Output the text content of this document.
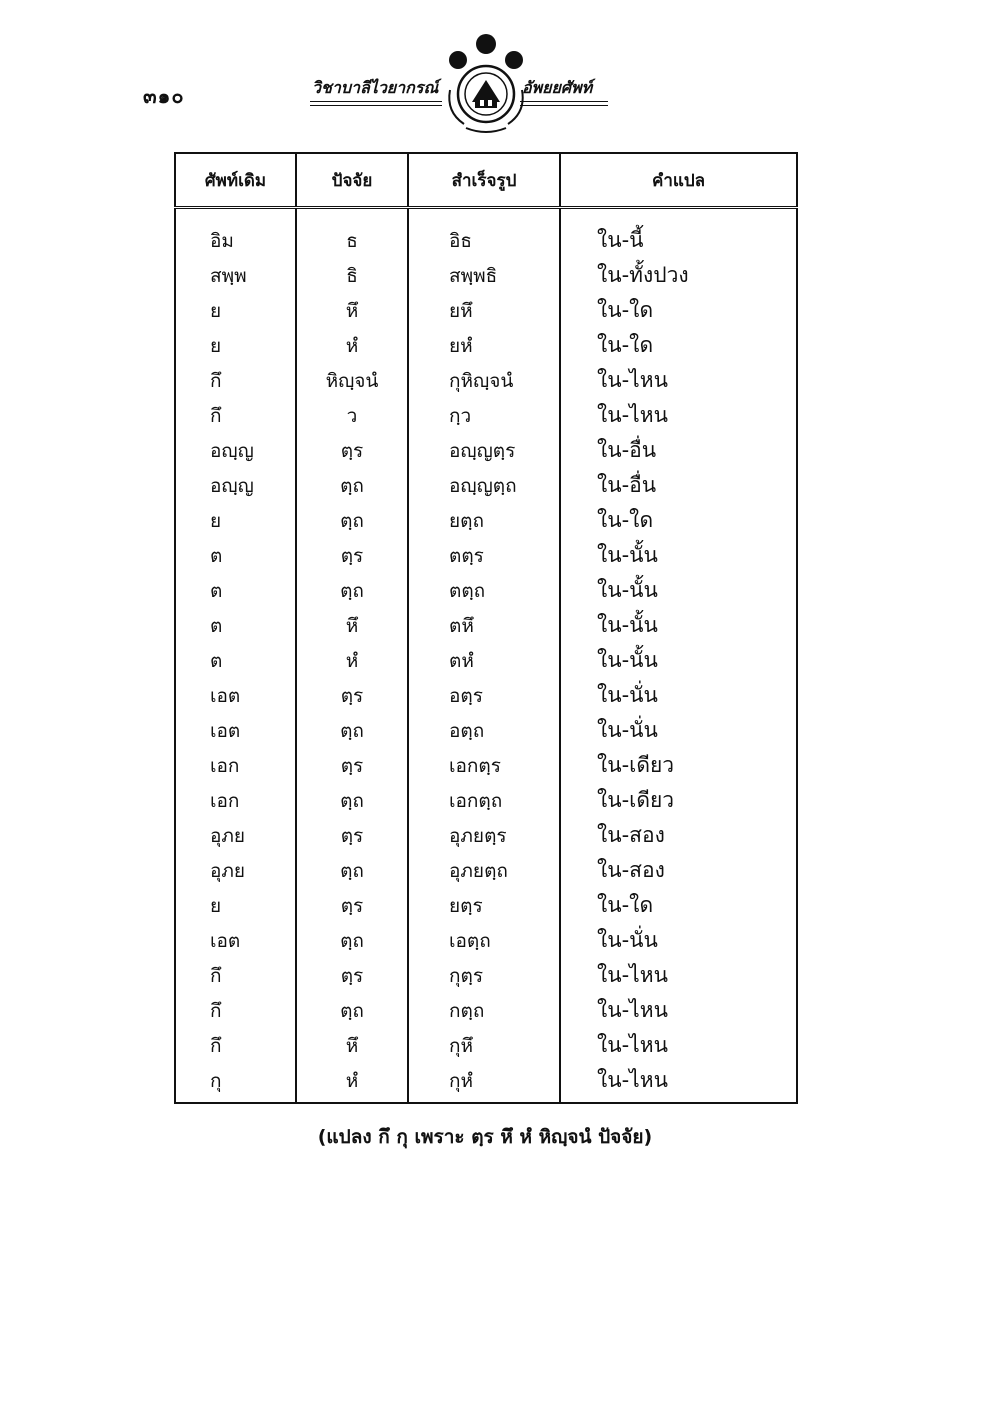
๓๑๐	วิชาบาลีไวยากรณ์	อัพยยศัพท์
ศัพท์เดิม	ปัจจัย	สำเร็จรูป	คำแปล
อิม	ธ	อิธ	ใน-นี้
สพฺพ	ธิ	สพฺพธิ	ใน-ทั้งปวง
ย	หึ	ยหึ	ใน-ใด
ย	หํ	ยหํ	ใน-ใด
กึ	หิญฺจนํ	กุหิญฺจนํ	ใน-ไหน
กึ	ว	กฺว	ใน-ไหน
อญฺญ	ตฺร	อญฺญตฺร	ใน-อื่น
อญฺญ	ตฺถ	อญฺญตฺถ	ใน-อื่น
ย	ตฺถ	ยตฺถ	ใน-ใด
ต	ตฺร	ตตฺร	ใน-นั้น
ต	ตฺถ	ตตฺถ	ใน-นั้น
ต	หึ	ตหึ	ใน-นั้น
ต	หํ	ตหํ	ใน-นั้น
เอต	ตฺร	อตฺร	ใน-นั่น
เอต	ตฺถ	อตฺถ	ใน-นั่น
เอก	ตฺร	เอกตฺร	ใน-เดียว
เอก	ตฺถ	เอกตฺถ	ใน-เดียว
อุภย	ตฺร	อุภยตฺร	ใน-สอง
อุภย	ตฺถ	อุภยตฺถ	ใน-สอง
ย	ตฺร	ยตฺร	ใน-ใด
เอต	ตฺถ	เอตฺถ	ใน-นั่น
กึ	ตฺร	กุตฺร	ใน-ไหน
กึ	ตฺถ	กตฺถ	ใน-ไหน
กึ	หึ	กุหึ	ใน-ไหน
กุ	หํ	กุหํ	ใน-ไหน
(แปลง กึ กุ เพราะ ตฺร หึ หํ หิญฺจนํ ปัจจัย)
